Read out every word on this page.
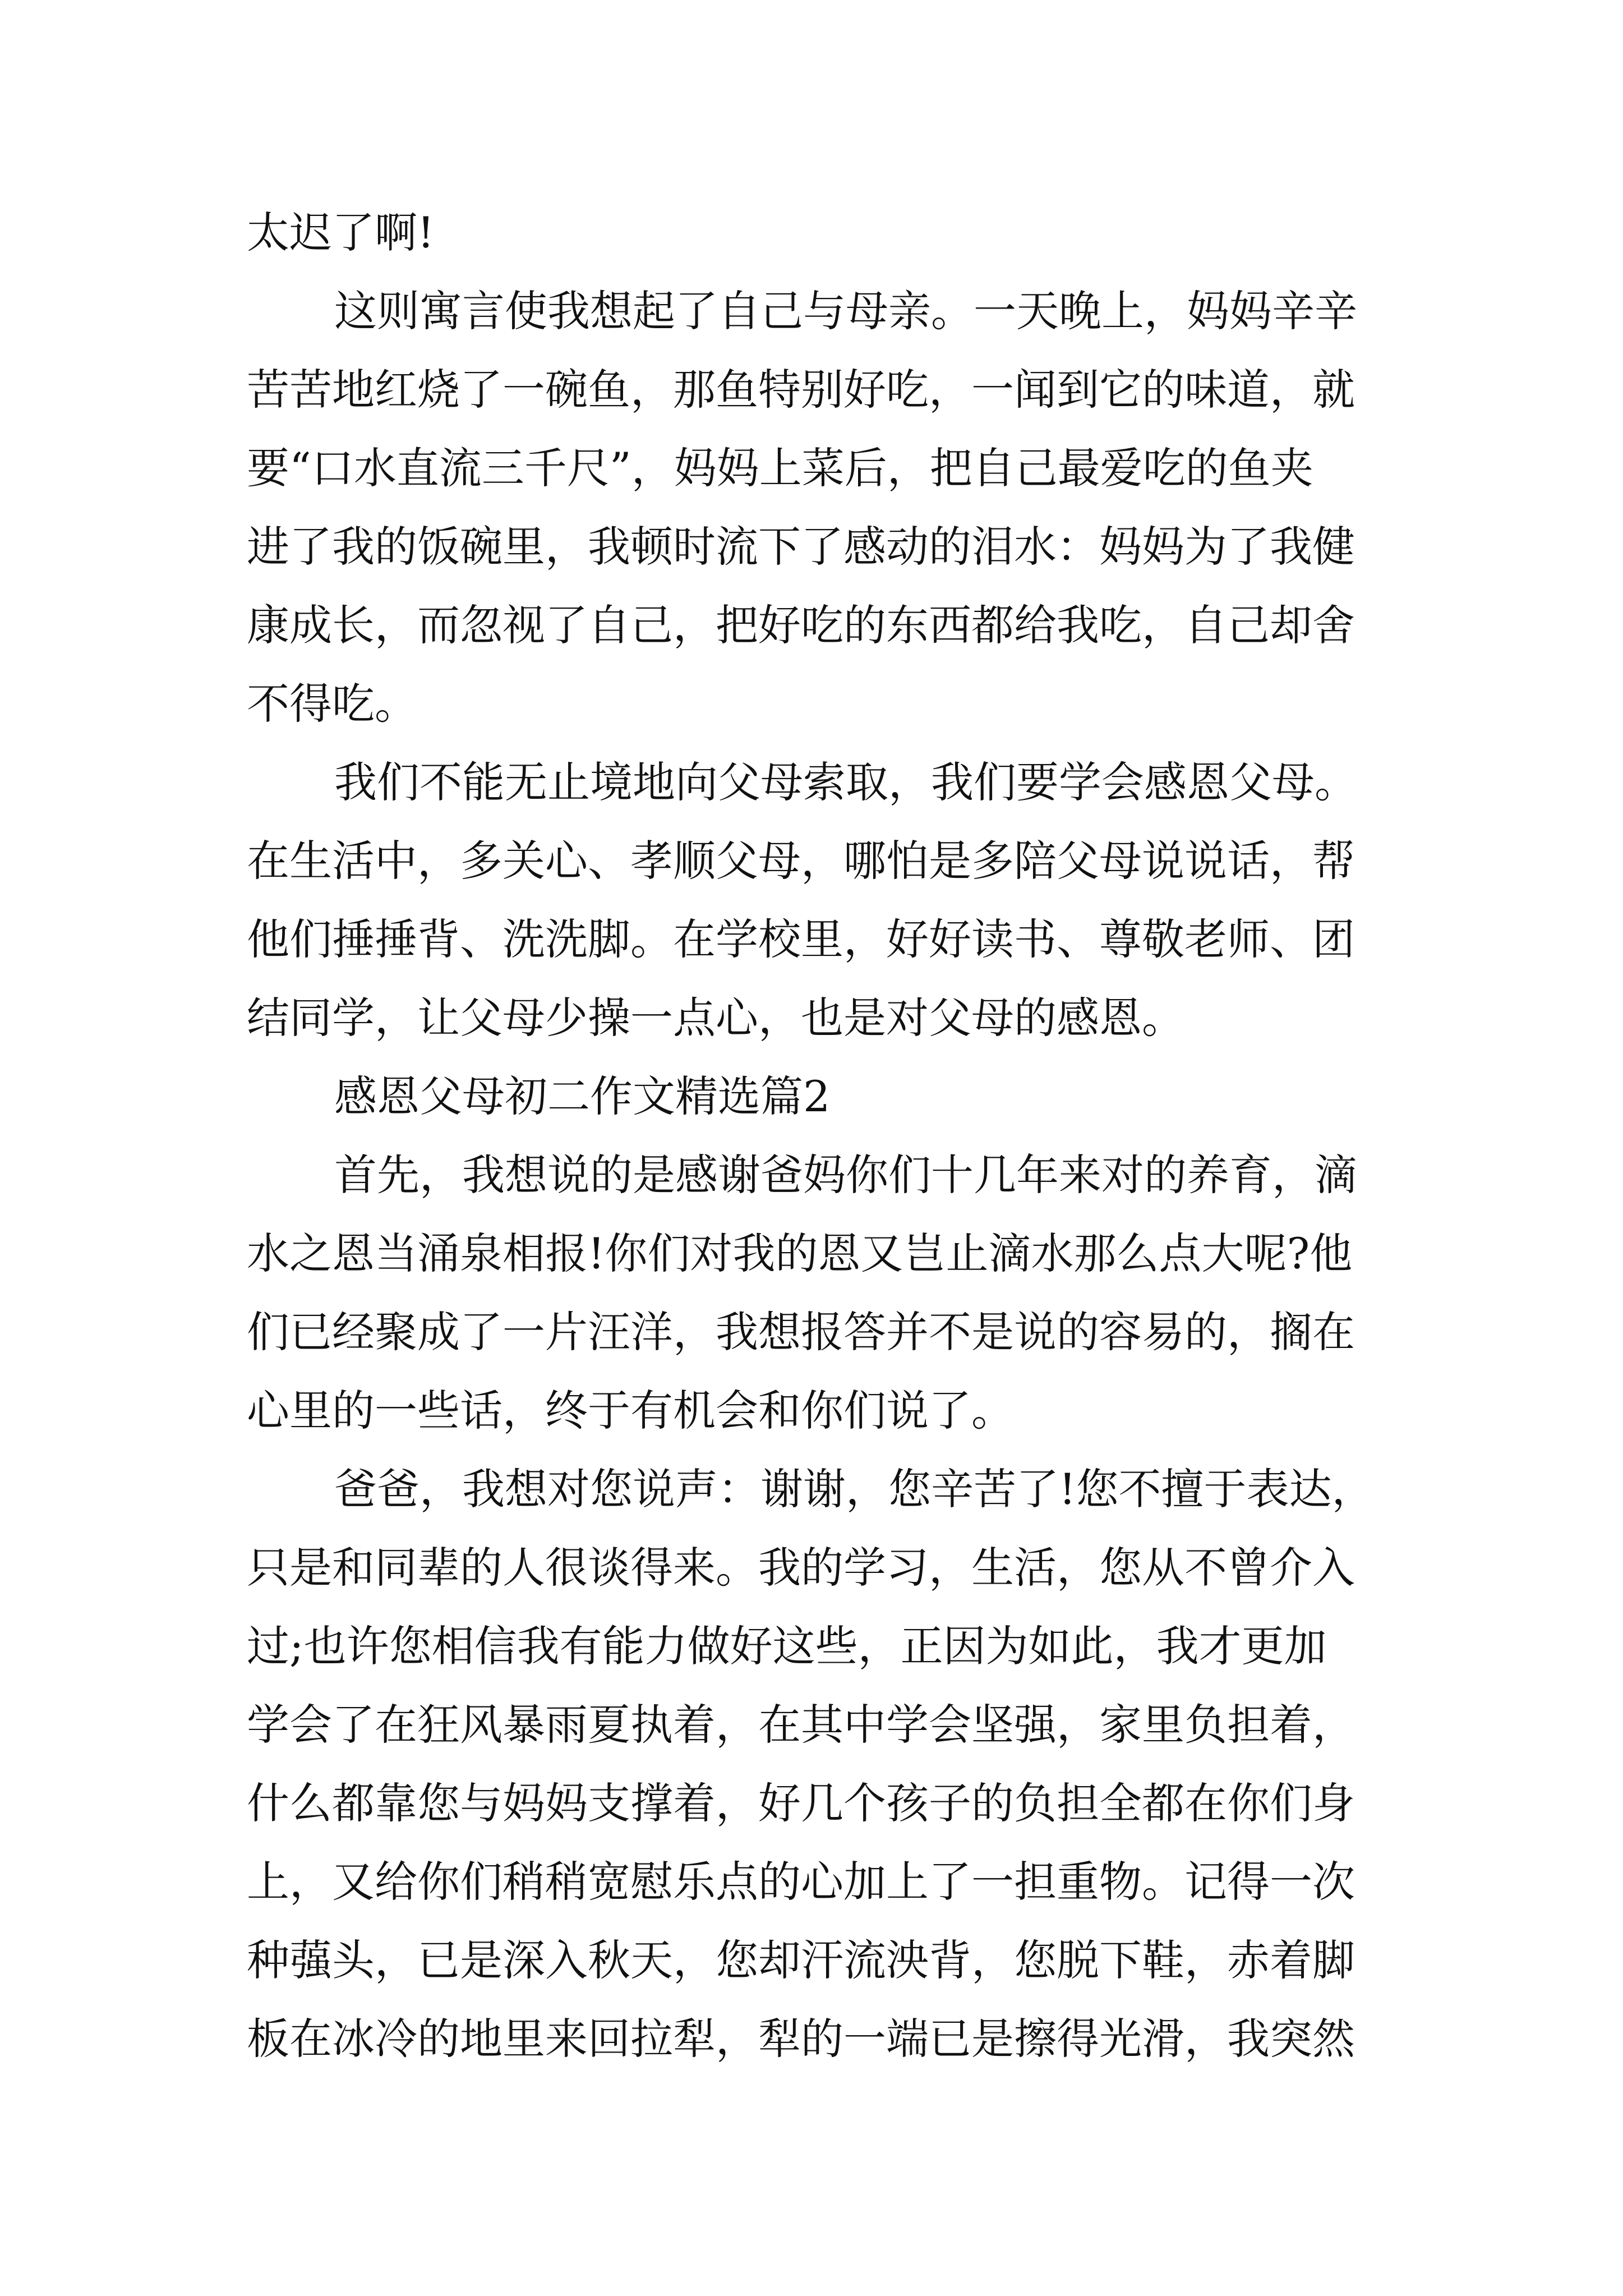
太迟了啊!
这则寓言使我想起了自己与母亲。一天晚上，妈妈辛辛
苦苦地红烧了一碗鱼，那鱼特别好吃，一闻到它的味道，就
要“口水直流三千尺”，妈妈上菜后，把自己最爱吃的鱼夹
进了我的饭碗里，我顿时流下了感动的泪水：妈妈为了我健
康成长，而忽视了自己，把好吃的东西都给我吃，自己却舍
不得吃。
我们不能无止境地向父母索取，我们要学会感恩父母。
在生活中，多关心、孝顺父母，哪怕是多陪父母说说话，帮
他们捶捶背、洗洗脚。在学校里，好好读书、尊敬老师、团
结同学，让父母少操一点心，也是对父母的感恩。
感恩父母初二作文精选篇2
首先，我想说的是感谢爸妈你们十几年来对的养育，滴
水之恩当涌泉相报!你们对我的恩又岂止滴水那么点大呢?他
们已经聚成了一片汪洋，我想报答并不是说的容易的，搁在
心里的一些话，终于有机会和你们说了。
爸爸，我想对您说声：谢谢，您辛苦了!您不擅于表达，
只是和同辈的人很谈得来。我的学习，生活，您从不曾介入
过;也许您相信我有能力做好这些，正因为如此，我才更加
学会了在狂风暴雨夏执着，在其中学会坚强，家里负担着，
什么都靠您与妈妈支撑着，好几个孩子的负担全都在你们身
上，又给你们稍稍宽慰乐点的心加上了一担重物。记得一次
种蔃头，已是深入秋天，您却汗流泱背，您脱下鞋，赤着脚
板在冰冷的地里来回拉犁，犁的一端已是擦得光滑，我突然
